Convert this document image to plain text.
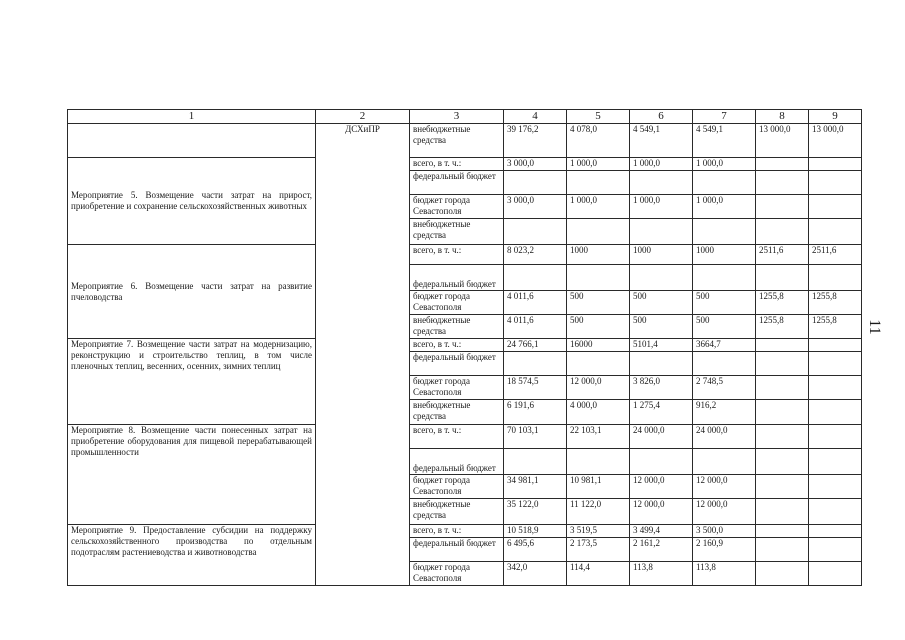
1	2	3	4	5	6	7	8	9
	ДСХиПР	внебюджетные средства	39 176,2	4 078,0	4 549,1	4 549,1	13 000,0	13 000,0
Мероприятие 5. Возмещение части затрат на прирост, приобретение и сохранение сельскохозяйственных животных		всего, в т. ч.:	3 000,0	1 000,0	1 000,0	1 000,0		
		федеральный бюджет						
		бюджет города Севастополя	3 000,0	1 000,0	1 000,0	1 000,0		
		внебюджетные средства						
Мероприятие 6. Возмещение части затрат на развитие пчеловодства		всего, в т. ч.:	8 023,2	1000	1000	1000	2511,6	2511,6
		федеральный бюджет						
		бюджет города Севастополя	4 011,6	500	500	500	1255,8	1255,8
		внебюджетные средства	4 011,6	500	500	500	1255,8	1255,8
Мероприятие 7. Возмещение части затрат на модернизацию, реконструкцию и строительство теплиц, в том числе пленочных теплиц, весенних, осенних, зимних теплиц		всего, в т. ч.:	24 766,1	16000	5101,4	3664,7		
		федеральный бюджет						
		бюджет города Севастополя	18 574,5	12 000,0	3 826,0	2 748,5		
		внебюджетные средства	6 191,6	4 000,0	1 275,4	916,2		
Мероприятие 8. Возмещение части понесенных затрат на приобретение оборудования для пищевой перерабатывающей промышленности		всего, в т. ч.:	70 103,1	22 103,1	24 000,0	24 000,0		
		федеральный бюджет						
		бюджет города Севастополя	34 981,1	10 981,1	12 000,0	12 000,0		
		внебюджетные средства	35 122,0	11 122,0	12 000,0	12 000,0		
Мероприятие 9. Предоставление субсидии на поддержку сельскохозяйственного производства по отдельным подотраслям растениеводства и животноводства		всего, в т. ч.:	10 518,9	3 519,5	3 499,4	3 500,0		
		федеральный бюджет	6 495,6	2 173,5	2 161,2	2 160,9		
		бюджет города Севастополя	342,0	114,4	113,8	113,8		
11
